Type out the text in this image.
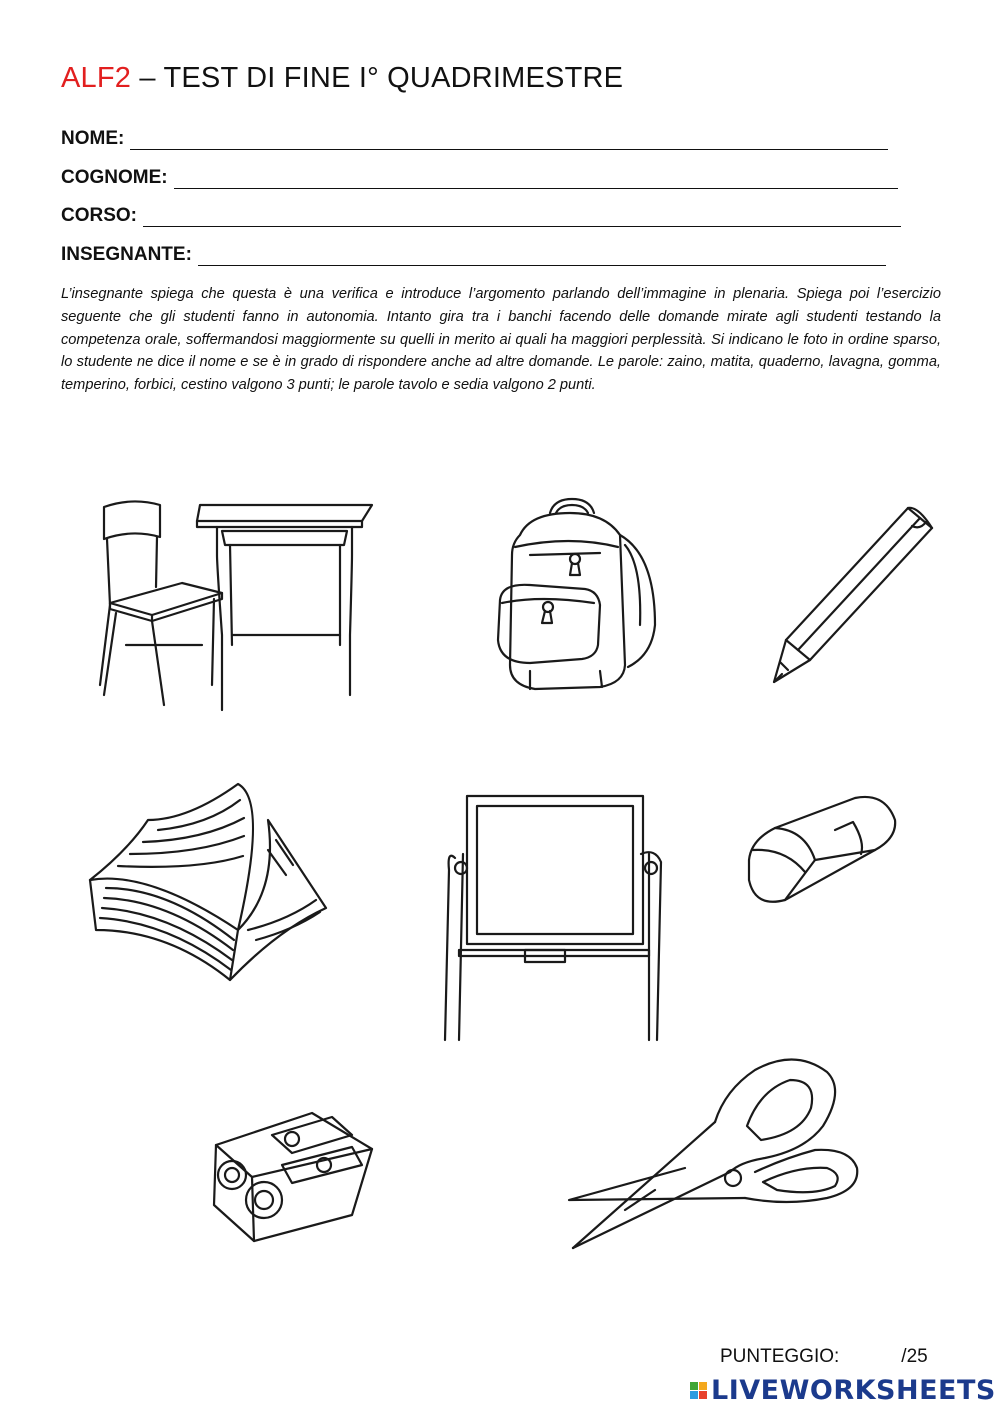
ALF2 – TEST DI FINE I° QUADRIMESTRE
NOME:
COGNOME:
CORSO:
INSEGNANTE:
L’insegnante spiega che questa è una verifica e introduce l’argomento parlando dell’immagine in plenaria. Spiega poi l’esercizio seguente che gli studenti fanno in autonomia. Intanto gira tra i banchi facendo delle domande mirate agli studenti testando la competenza orale, soffermandosi maggiormente su quelli in merito ai quali ha maggiori perplessità. Si indicano le foto in ordine sparso, lo studente ne dice il nome e se è in grado di rispondere anche ad altre domande. Le parole: zaino, matita, quaderno, lavagna, gomma, temperino, forbici, cestino valgono 3 punti; le parole tavolo e sedia valgono 2 punti.
PUNTEGGIO:	/25
LIVEWORKSHEETS
